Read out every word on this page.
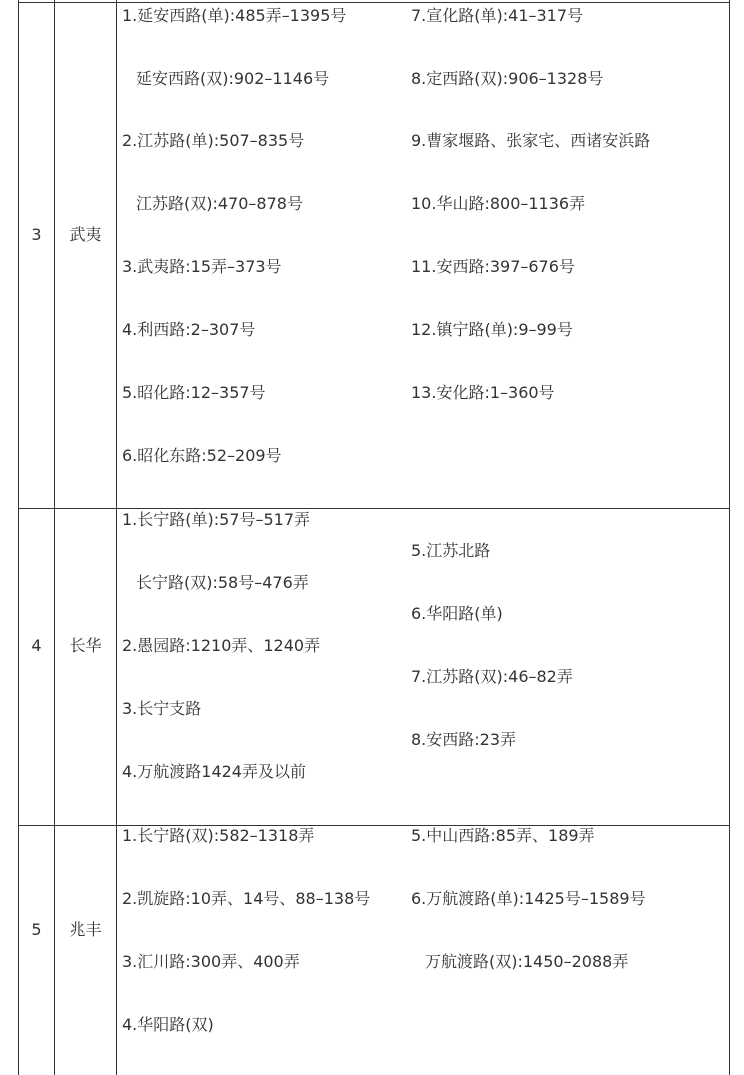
3	武夷
1.延安西路(单):485弄–1395号
延安西路(双):902–1146号
2.江苏路(单):507–835号
江苏路(双):470–878号
3.武夷路:15弄–373号
4.利西路:2–307号
5.昭化路:12–357号
6.昭化东路:52–209号
7.宣化路(单):41–317号
8.定西路(双):906–1328号
9.曹家堰路、张家宅、西诸安浜路
10.华山路:800–1136弄
11.安西路:397–676号
12.镇宁路(单):9–99号
13.安化路:1–360号
4	长华
1.长宁路(单):57号–517弄
长宁路(双):58号–476弄
2.愚园路:1210弄、1240弄
3.长宁支路
4.万航渡路1424弄及以前
5.江苏北路
6.华阳路(单)
7.江苏路(双):46–82弄
8.安西路:23弄
5	兆丰
1.长宁路(双):582–1318弄
2.凯旋路:10弄、14号、88–138号
3.汇川路:300弄、400弄
4.华阳路(双)
5.中山西路:85弄、189弄
6.万航渡路(单):1425号–1589号
万航渡路(双):1450–2088弄
